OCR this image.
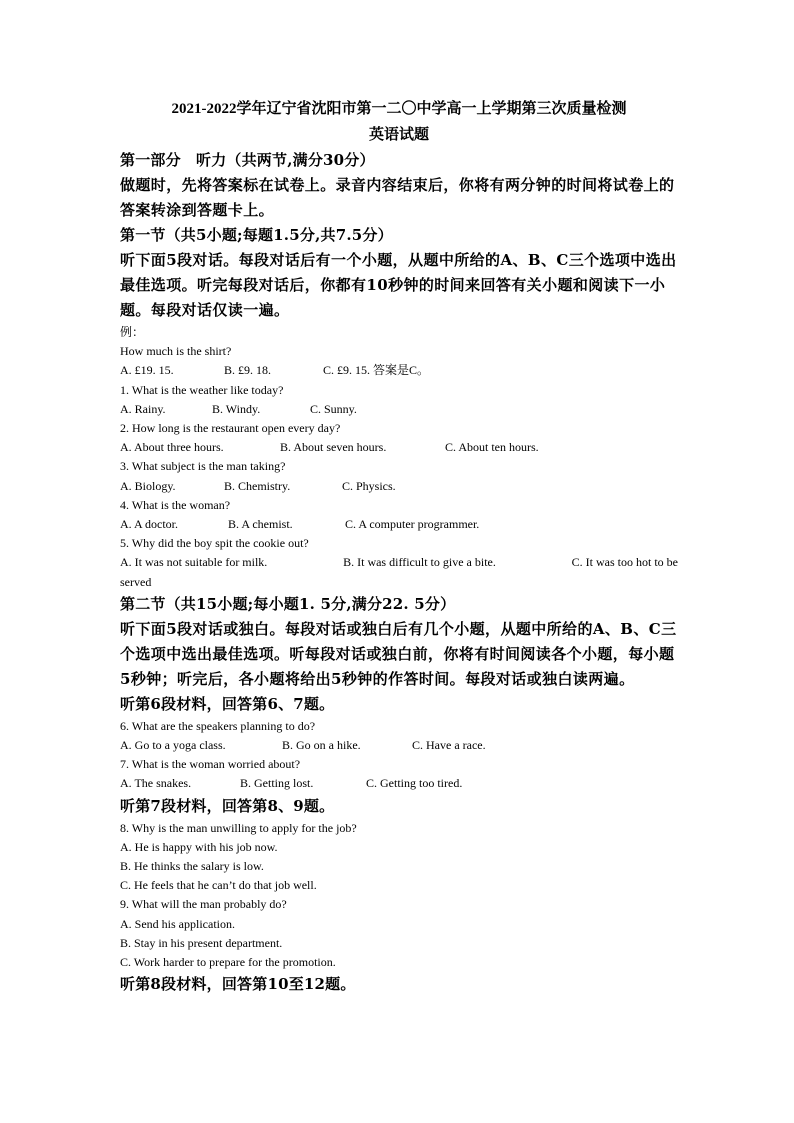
2021-2022学年辽宁省沈阳市第一二〇中学高一上学期第三次质量检测
英语试题
第一部分　听力（共两节,满分30分）
做题时，先将答案标在试卷上。录音内容结束后，你将有两分钟的时间将试卷上的答案转涂到答题卡上。
第一节（共5小题;每题1.5分,共7.5分）
听下面5段对话。每段对话后有一个小题，从题中所给的A、B、C三个选项中选出最佳选项。听完每段对话后，你都有10秒钟的时间来回答有关小题和阅读下一小题。每段对话仅读一遍。
例：
How much is the shirt?
A. £19. 15.	B. £9. 18.	C. £9. 15. 答案是C。
1. What is the weather like today?
A. Rainy.	B. Windy.	C. Sunny.
2. How long is the restaurant open every day?
A. About three hours.	B. About seven hours.	C. About ten hours.
3. What subject is the man taking?
A. Biology.	B. Chemistry.	C. Physics.
4. What is the woman?
A. A doctor.	B. A chemist.	C. A computer programmer.
5. Why did the boy spit the cookie out?
A. It was not suitable for milk.	B. It was difficult to give a bite.	C. It was too hot to be
served
第二节（共15小题;每小题1. 5分,满分22. 5分）
听下面5段对话或独白。每段对话或独白后有几个小题，从题中所给的A、B、C三个选项中选出最佳选项。听每段对话或独白前，你将有时间阅读各个小题，每小题5秒钟；听完后，各小题将给出5秒钟的作答时间。每段对话或独白读两遍。
听第6段材料，回答第6、7题。
6. What are the speakers planning to do?
A. Go to a yoga class.	B. Go on a hike.	C. Have a race.
7. What is the woman worried about?
A. The snakes.	B. Getting lost.	C. Getting too tired.
听第7段材料，回答第8、9题。
8. Why is the man unwilling to apply for the job?
A. He is happy with his job now.
B. He thinks the salary is low.
C. He feels that he can’t do that job well.
9. What will the man probably do?
A. Send his application.
B. Stay in his present department.
C. Work harder to prepare for the promotion.
听第8段材料，回答第10至12题。
